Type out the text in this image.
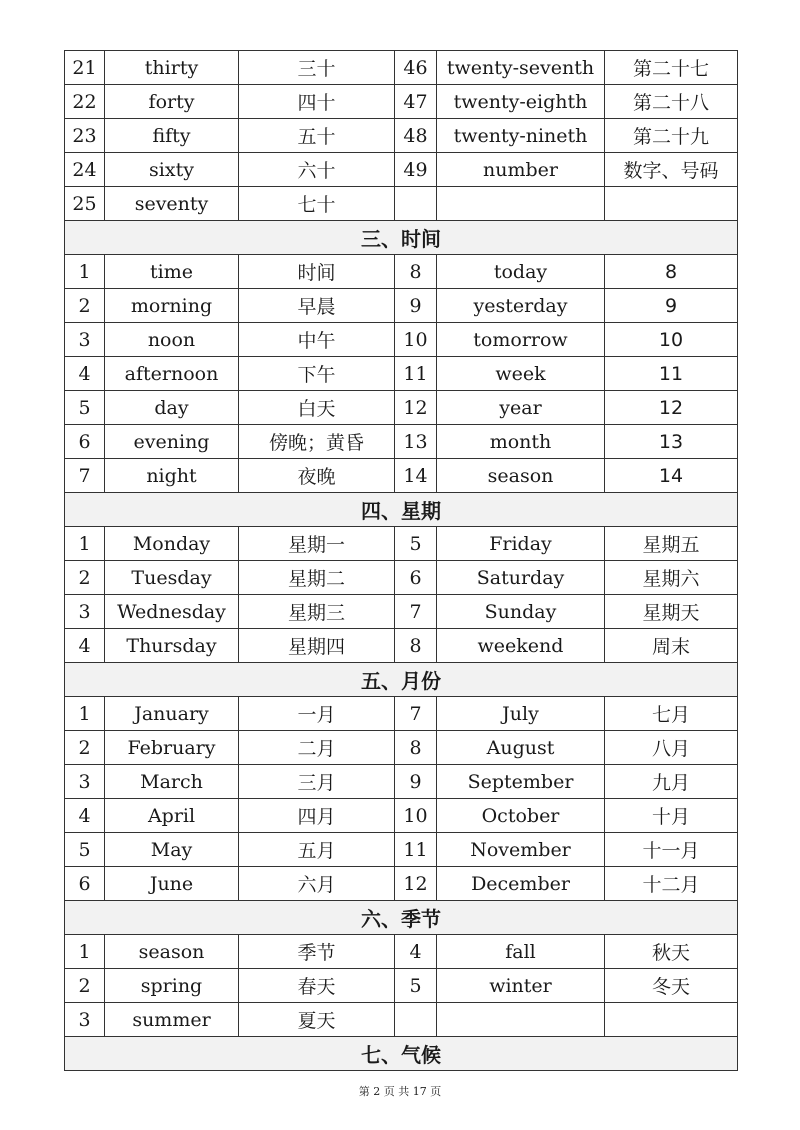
21	thirty	三十	46	twenty-seventh	第二十七
22	forty	四十	47	twenty-eighth	第二十八
23	fifty	五十	48	twenty-nineth	第二十九
24	sixty	六十	49	number	数字、号码
25	seventy	七十			
三、时间					
1	time	时间	8	today	8
2	morning	早晨	9	yesterday	9
3	noon	中午	10	tomorrow	10
4	afternoon	下午	11	week	11
5	day	白天	12	year	12
6	evening	傍晚；黄昏	13	month	13
7	night	夜晚	14	season	14
四、星期					
1	Monday	星期一	5	Friday	星期五
2	Tuesday	星期二	6	Saturday	星期六
3	Wednesday	星期三	7	Sunday	星期天
4	Thursday	星期四	8	weekend	周末
五、月份					
1	January	一月	7	July	七月
2	February	二月	8	August	八月
3	March	三月	9	September	九月
4	April	四月	10	October	十月
5	May	五月	11	November	十一月
6	June	六月	12	December	十二月
六、季节					
1	season	季节	4	fall	秋天
2	spring	春天	5	winter	冬天
3	summer	夏天			
七、气候					
第 2 页 共 17 页
